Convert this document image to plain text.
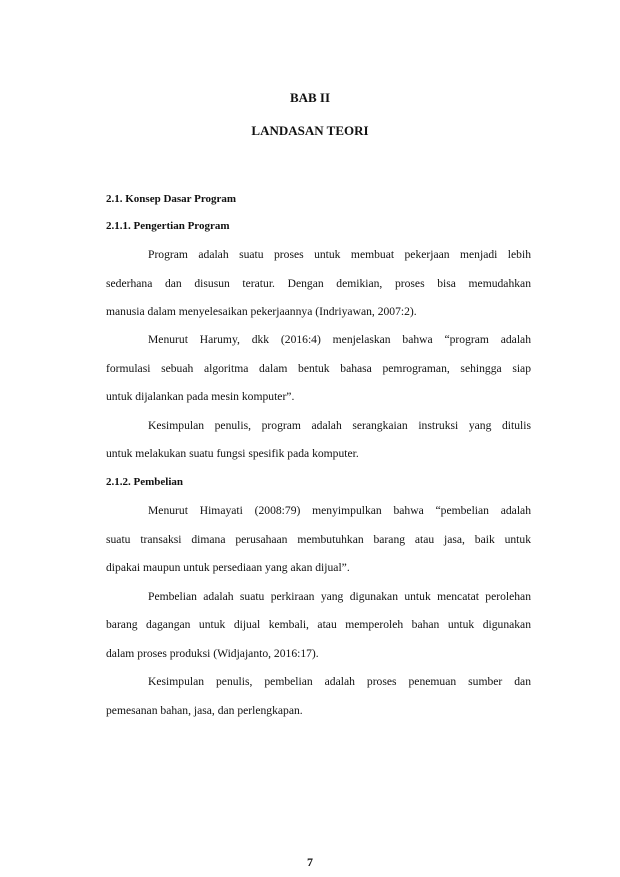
BAB II
LANDASAN TEORI
2.1. Konsep Dasar Program
2.1.1. Pengertian Program
Program adalah suatu proses untuk membuat pekerjaan menjadi lebih
sederhana dan disusun teratur. Dengan demikian, proses bisa memudahkan
manusia dalam menyelesaikan pekerjaannya (Indriyawan, 2007:2).
Menurut Harumy, dkk (2016:4) menjelaskan bahwa “program adalah
formulasi sebuah algoritma dalam bentuk bahasa pemrograman, sehingga siap
untuk dijalankan pada mesin komputer”.
Kesimpulan penulis, program adalah serangkaian instruksi yang ditulis
untuk melakukan suatu fungsi spesifik pada komputer.
2.1.2. Pembelian
Menurut Himayati (2008:79) menyimpulkan bahwa “pembelian adalah
suatu transaksi dimana perusahaan membutuhkan barang atau jasa, baik untuk
dipakai maupun untuk persediaan yang akan dijual”.
Pembelian adalah suatu perkiraan yang digunakan untuk mencatat perolehan
barang dagangan untuk dijual kembali, atau memperoleh bahan untuk digunakan
dalam proses produksi (Widjajanto, 2016:17).
Kesimpulan penulis, pembelian adalah proses penemuan sumber dan
pemesanan bahan, jasa, dan perlengkapan.
7
